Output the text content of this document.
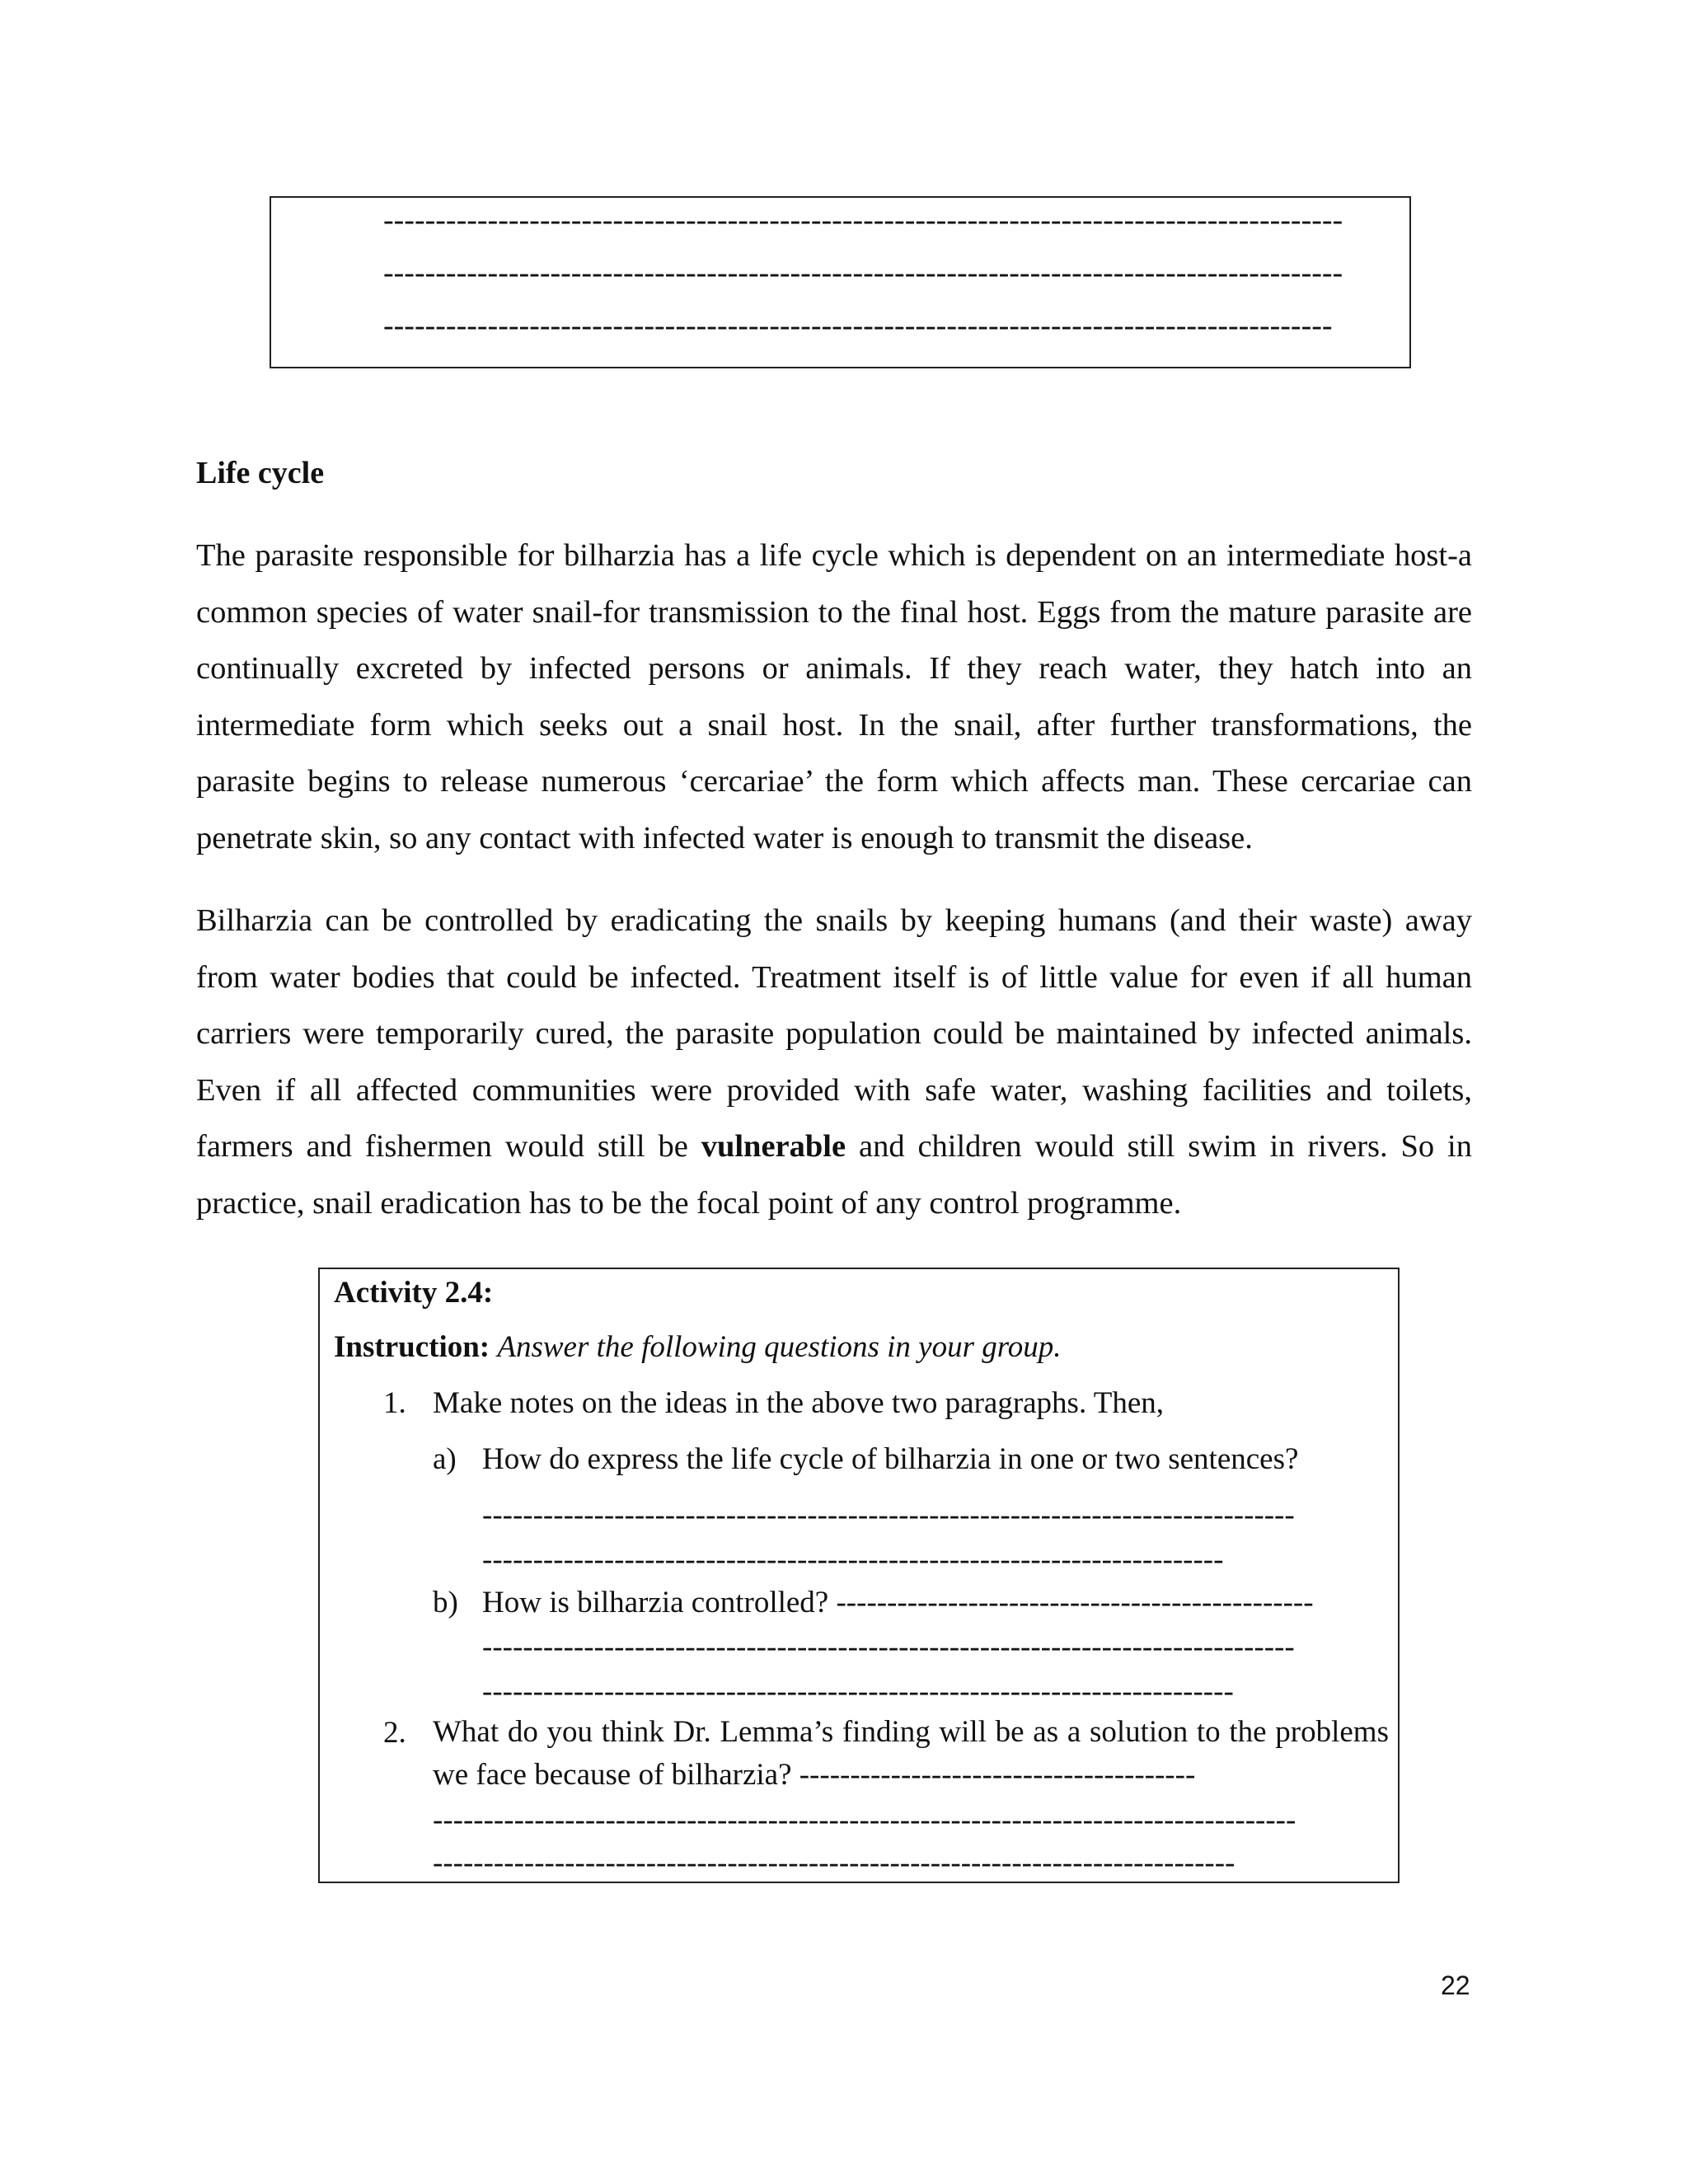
--------------------------------------------------------------------------------------------
--------------------------------------------------------------------------------------------
-------------------------------------------------------------------------------------------
Life cycle
The parasite responsible for bilharzia has a life cycle which is dependent on an intermediate host-a common species of water snail-for transmission to the final host. Eggs from the mature parasite are continually excreted by infected persons or animals. If they reach water, they hatch into an intermediate form which seeks out a snail host. In the snail, after further transformations, the parasite begins to release numerous ‘cercariae’ the form which affects man. These cercariae can penetrate skin, so any contact with infected water is enough to transmit the disease.
Bilharzia can be controlled by eradicating the snails by keeping humans (and their waste) away from water bodies that could be infected. Treatment itself is of little value for even if all human carriers were temporarily cured, the parasite population could be maintained by infected animals. Even if all affected communities were provided with safe water, washing facilities and toilets, farmers and fishermen would still be vulnerable and children would still swim in rivers. So in practice, snail eradication has to be the focal point of any control programme.
Activity 2.4:
Instruction: Answer the following questions in your group.
1. Make notes on the ideas in the above two paragraphs. Then,
a) How do express the life cycle of bilharzia in one or two sentences?
--------------------------------------------------------------------------------
-------------------------------------------------------------------------
b) How is bilharzia controlled? -----------------------------------------------
--------------------------------------------------------------------------------
--------------------------------------------------------------------------
2. What do you think Dr. Lemma’s finding will be as a solution to the problems we face because of bilharzia? ---------------------------------------
-------------------------------------------------------------------------------------
-------------------------------------------------------------------------------
22
